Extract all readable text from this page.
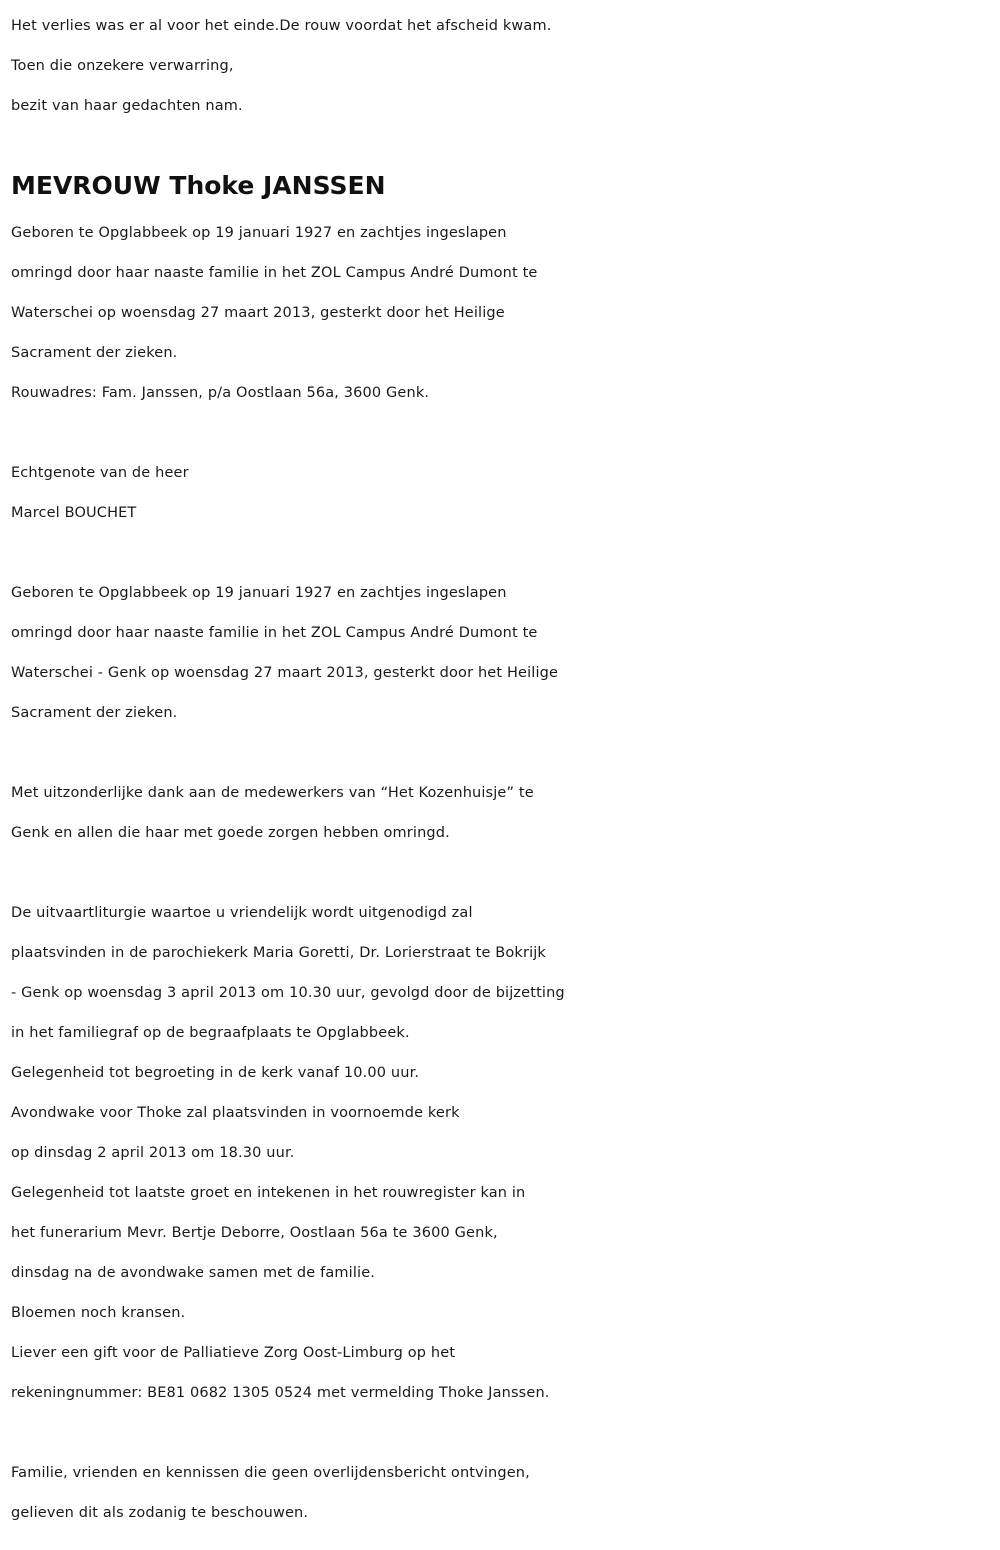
Het verlies was er al voor het einde.De rouw voordat het afscheid kwam.
Toen die onzekere verwarring,
bezit van haar gedachten nam.
MEVROUW Thoke JANSSEN
Geboren te Opglabbeek op 19 januari 1927 en zachtjes ingeslapen
omringd door haar naaste familie in het ZOL Campus André Dumont te
Waterschei op woensdag 27 maart 2013, gesterkt door het Heilige
Sacrament der zieken.
Rouwadres: Fam. Janssen, p/a Oostlaan 56a, 3600 Genk.
Echtgenote van de heer
Marcel BOUCHET
Geboren te Opglabbeek op 19 januari 1927 en zachtjes ingeslapen
omringd door haar naaste familie in het ZOL Campus André Dumont te
Waterschei - Genk op woensdag 27 maart 2013, gesterkt door het Heilige
Sacrament der zieken.
Met uitzonderlijke dank aan de medewerkers van “Het Kozenhuisje” te
Genk en allen die haar met goede zorgen hebben omringd.
De uitvaartliturgie waartoe u vriendelijk wordt uitgenodigd zal
plaatsvinden in de parochiekerk Maria Goretti, Dr. Lorierstraat te Bokrijk
- Genk op woensdag 3 april 2013 om 10.30 uur, gevolgd door de bijzetting
in het familiegraf op de begraafplaats te Opglabbeek.
Gelegenheid tot begroeting in de kerk vanaf 10.00 uur.
Avondwake voor Thoke zal plaatsvinden in voornoemde kerk
op dinsdag 2 april 2013 om 18.30 uur.
Gelegenheid tot laatste groet en intekenen in het rouwregister kan in
het funerarium Mevr. Bertje Deborre, Oostlaan 56a te 3600 Genk,
dinsdag na de avondwake samen met de familie.
Bloemen noch kransen.
Liever een gift voor de Palliatieve Zorg Oost-Limburg op het
rekeningnummer: BE81 0682 1305 0524 met vermelding Thoke Janssen.
Familie, vrienden en kennissen die geen overlijdensbericht ontvingen,
gelieven dit als zodanig te beschouwen.
